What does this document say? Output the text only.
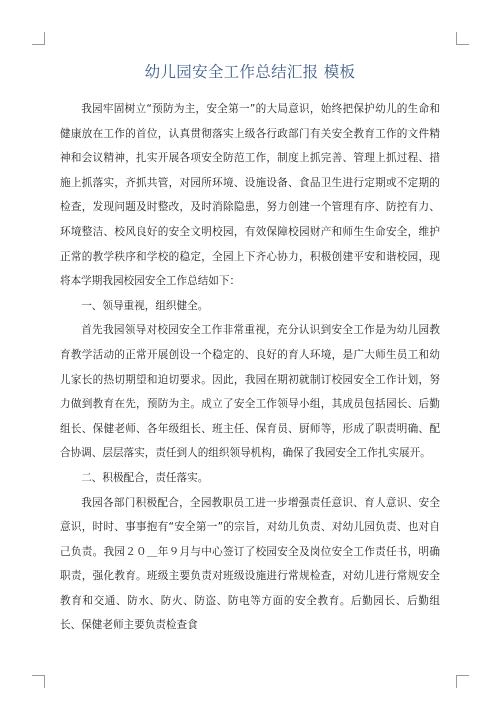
幼儿园安全工作总结汇报 模板

我园牢固树立“预防为主，安全第一”的大局意识，始终把保护幼儿的生命和健康放在工作的首位，认真贯彻落实上级各行政部门有关安全教育工作的文件精神和会议精神，扎实开展各项安全防范工作，制度上抓完善、管理上抓过程、措施上抓落实，齐抓共管，对园所环境、设施设备、食品卫生进行定期或不定期的检查，发现问题及时整改，及时消除隐患，努力创建一个管理有序、防控有力、环境整洁、校风良好的安全文明校园，有效保障校园财产和师生生命安全，维护正常的教学秩序和学校的稳定，全园上下齐心协力，积极创建平安和谐校园，现将本学期我园校园安全工作总结如下：

一、领导重视，组织健全。

首先我园领导对校园安全工作非常重视，充分认识到安全工作是为幼儿园教育教学活动的正常开展创设一个稳定的、良好的育人环境，是广大师生员工和幼儿家长的热切期望和迫切要求。因此，我园在期初就制订校园安全工作计划，努力做到教育在先，预防为主。成立了安全工作领导小组，其成员包括园长、后勤组长、保健老师、各年级组长、班主任、保育员、厨师等，形成了职责明确、配合协调、层层落实，责任到人的组织领导机构，确保了我园安全工作扎实展开。

二、积极配合，责任落实。

我园各部门积极配合，全园教职员工进一步增强责任意识、育人意识、安全意识，时时、事事抱有“安全第一”的宗旨，对幼儿负责、对幼儿园负责、也对自己负责。我园２０＿年９月与中心签订了校园安全及岗位安全工作责任书，明确职责，强化教育。班级主要负责对班级设施进行常规检查，对幼儿进行常规安全教育和交通、防水、防火、防盗、防电等方面的安全教育。后勤园长、后勤组长、保健老师主要负责检查食
